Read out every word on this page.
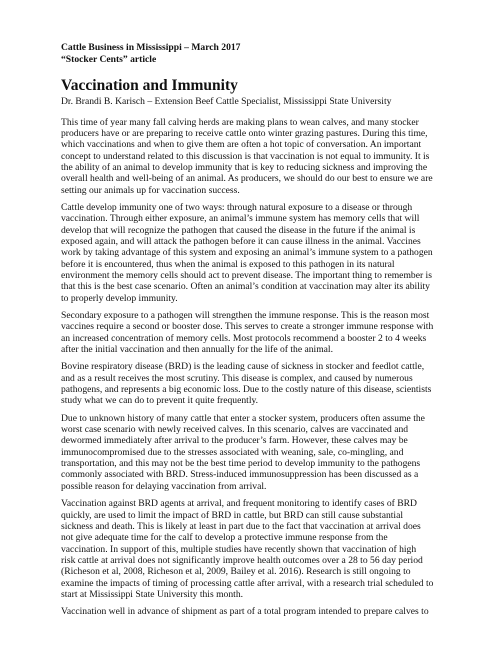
Cattle Business in Mississippi – March 2017

“Stocker Cents” article

Vaccination and Immunity

Dr. Brandi B. Karisch – Extension Beef Cattle Specialist, Mississippi State University

This time of year many fall calving herds are making plans to wean calves, and many stocker
producers have or are preparing to receive cattle onto winter grazing pastures. During this time,
which vaccinations and when to give them are often a hot topic of conversation. An important
concept to understand related to this discussion is that vaccination is not equal to immunity. It is
the ability of an animal to develop immunity that is key to reducing sickness and improving the
overall health and well-being of an animal. As producers, we should do our best to ensure we are
setting our animals up for vaccination success.

Cattle develop immunity one of two ways: through natural exposure to a disease or through
vaccination. Through either exposure, an animal’s immune system has memory cells that will
develop that will recognize the pathogen that caused the disease in the future if the animal is
exposed again, and will attack the pathogen before it can cause illness in the animal. Vaccines
work by taking advantage of this system and exposing an animal’s immune system to a pathogen
before it is encountered, thus when the animal is exposed to this pathogen in its natural
environment the memory cells should act to prevent disease. The important thing to remember is
that this is the best case scenario. Often an animal’s condition at vaccination may alter its ability
to properly develop immunity.

Secondary exposure to a pathogen will strengthen the immune response. This is the reason most
vaccines require a second or booster dose. This serves to create a stronger immune response with
an increased concentration of memory cells. Most protocols recommend a booster 2 to 4 weeks
after the initial vaccination and then annually for the life of the animal.

Bovine respiratory disease (BRD) is the leading cause of sickness in stocker and feedlot cattle,
and as a result receives the most scrutiny. This disease is complex, and caused by numerous
pathogens, and represents a big economic loss. Due to the costly nature of this disease, scientists
study what we can do to prevent it quite frequently.

Due to unknown history of many cattle that enter a stocker system, producers often assume the
worst case scenario with newly received calves. In this scenario, calves are vaccinated and
dewormed immediately after arrival to the producer’s farm. However, these calves may be
immunocompromised due to the stresses associated with weaning, sale, co-mingling, and
transportation, and this may not be the best time period to develop immunity to the pathogens
commonly associated with BRD. Stress-induced immunosuppression has been discussed as a
possible reason for delaying vaccination from arrival.

Vaccination against BRD agents at arrival, and frequent monitoring to identify cases of BRD
quickly, are used to limit the impact of BRD in cattle, but BRD can still cause substantial
sickness and death. This is likely at least in part due to the fact that vaccination at arrival does
not give adequate time for the calf to develop a protective immune response from the
vaccination. In support of this, multiple studies have recently shown that vaccination of high
risk cattle at arrival does not significantly improve health outcomes over a 28 to 56 day period
(Richeson et al, 2008, Richeson et al, 2009, Bailey et al. 2016). Research is still ongoing to
examine the impacts of timing of processing cattle after arrival, with a research trial scheduled to
start at Mississippi State University this month.

Vaccination well in advance of shipment as part of a total program intended to prepare calves to
